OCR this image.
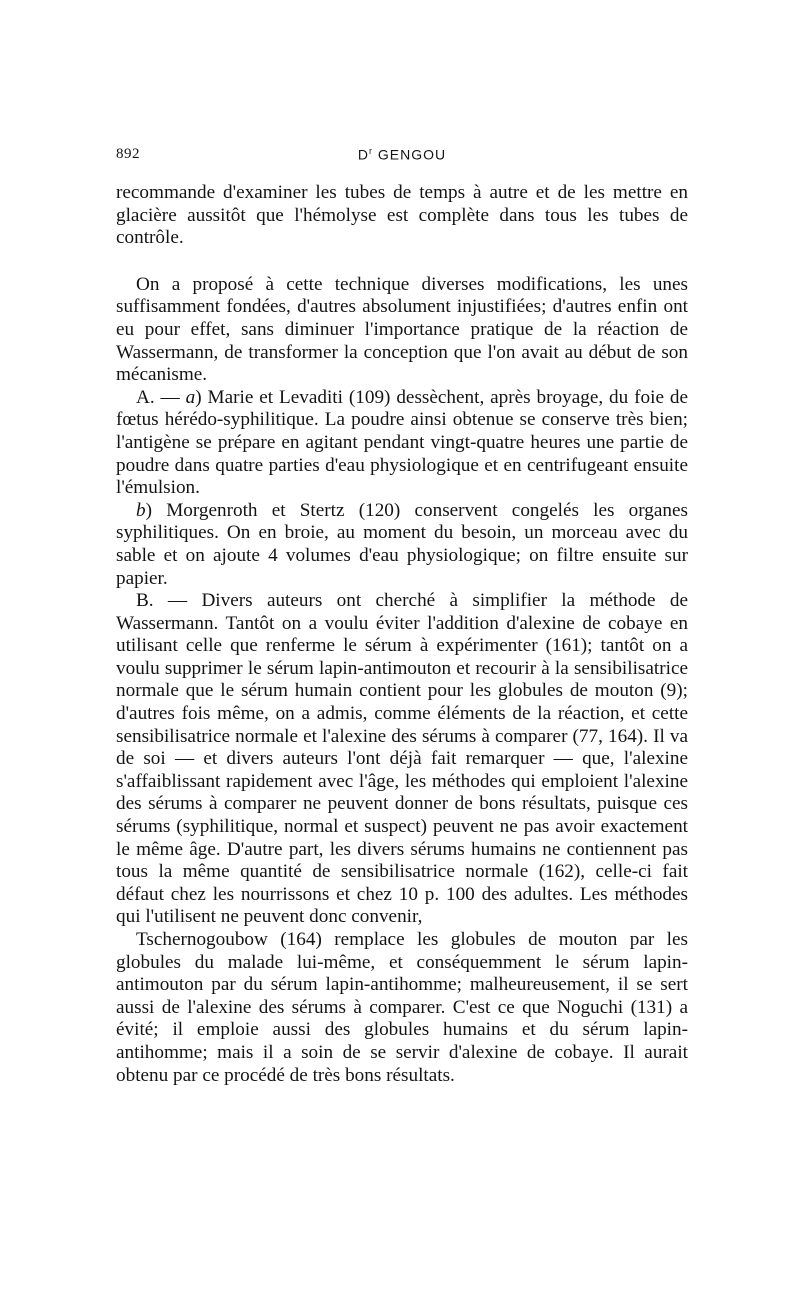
892	$D^r$ GENGOU

recommande d'examiner les tubes de temps à autre et de les mettre en glacière aussitôt que l'hémolyse est complète dans tous les tubes de contrôle.

On a proposé à cette technique diverses modifications, les unes suffisamment fondées, d'autres absolument injustifiées; d'autres enfin ont eu pour effet, sans diminuer l'importance pratique de la réaction de Wassermann, de transformer la conception que l'on avait au début de son mécanisme.

A. — a) Marie et Levaditi (109) dessèchent, après broyage, du foie de fœtus hérédo-syphilitique. La poudre ainsi obtenue se conserve très bien; l'antigène se prépare en agitant pendant vingt-quatre heures une partie de poudre dans quatre parties d'eau physiologique et en centrifugeant ensuite l'émulsion.

b) Morgenroth et Stertz (120) conservent congelés les organes syphilitiques. On en broie, au moment du besoin, un morceau avec du sable et on ajoute 4 volumes d'eau physiologique; on filtre ensuite sur papier.

B. — Divers auteurs ont cherché à simplifier la méthode de Wassermann. Tantôt on a voulu éviter l'addition d'alexine de cobaye en utilisant celle que renferme le sérum à expérimenter (161); tantôt on a voulu supprimer le sérum lapin-antimouton et recourir à la sensibilisatrice normale que le sérum humain contient pour les globules de mouton (9); d'autres fois même, on a admis, comme éléments de la réaction, et cette sensibilisatrice normale et l'alexine des sérums à comparer (77, 164). Il va de soi — et divers auteurs l'ont déjà fait remarquer — que, l'alexine s'affaiblissant rapidement avec l'âge, les méthodes qui emploient l'alexine des sérums à comparer ne peuvent donner de bons résultats, puisque ces sérums (syphilitique, normal et suspect) peuvent ne pas avoir exactement le même âge. D'autre part, les divers sérums humains ne contiennent pas tous la même quantité de sensibilisatrice normale (162), celle-ci fait défaut chez les nourrissons et chez 10 p. 100 des adultes. Les méthodes qui l'utilisent ne peuvent donc convenir,

Tschernogoubow (164) remplace les globules de mouton par les globules du malade lui-même, et conséquemment le sérum lapin-antimouton par du sérum lapin-antihomme; malheureusement, il se sert aussi de l'alexine des sérums à comparer. C'est ce que Noguchi (131) a évité; il emploie aussi des globules humains et du sérum lapin-antihomme; mais il a soin de se servir d'alexine de cobaye. Il aurait obtenu par ce procédé de très bons résultats.
